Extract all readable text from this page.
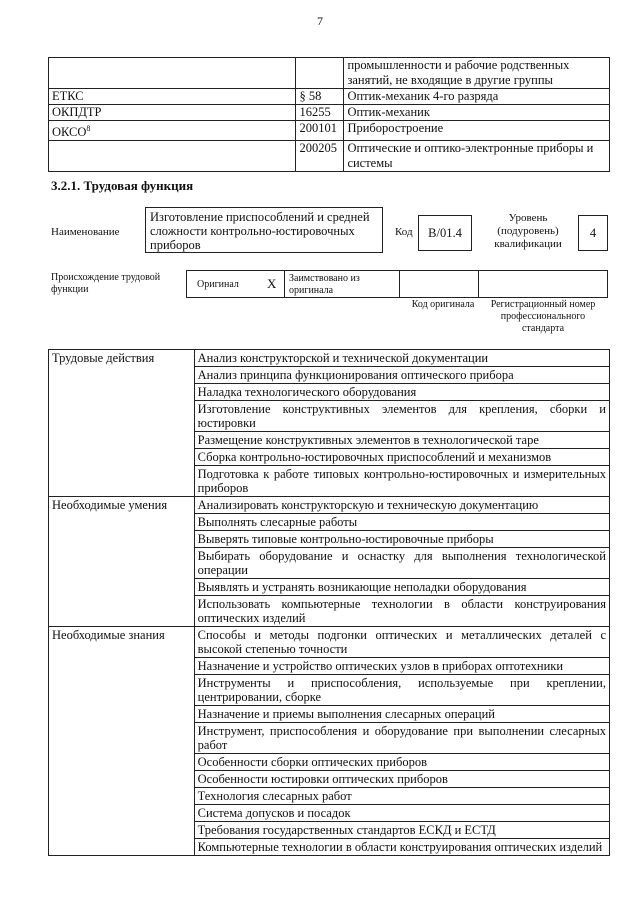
7
		промышленности и рабочие родственных занятий, не входящие в другие группы
ЕТКС	§ 58	Оптик-механик 4-го разряда
ОКПДТР	16255	Оптик-механик
ОКСО$^8$	200101	Приборостроение
	200205	Оптические и оптико-электронные приборы и системы
3.2.1. Трудовая функция
Наименование
Изготовление приспособлений и средней сложности контрольно-юстировочных приборов
Код	В/01.4
Уровень (подуровень) квалификации
4
Происхождение трудовой функции	Оригинал X Заимствовано из оригинала
Код оригинала	Регистрационный номер профессионального стандарта
Трудовые действия	Анализ конструкторской и технической документации
	Анализ принципа функционирования оптического прибора
	Наладка технологического оборудования
	Изготовление конструктивных элементов для крепления, сборки и юстировки
	Размещение конструктивных элементов в технологической таре
	Сборка контрольно-юстировочных приспособлений и механизмов
	Подготовка к работе типовых контрольно-юстировочных и измерительных приборов
Необходимые умения	Анализировать конструкторскую и техническую документацию
	Выполнять слесарные работы
	Выверять типовые контрольно-юстировочные приборы
	Выбирать оборудование и оснастку для выполнения технологической операции
	Выявлять и устранять возникающие неполадки оборудования
	Использовать компьютерные технологии в области конструирования оптических изделий
Необходимые знания	Способы и методы подгонки оптических и металлических деталей с высокой степенью точности
	Назначение и устройство оптических узлов в приборах оптотехники
	Инструменты и приспособления, используемые при креплении, центрировании, сборке
	Назначение и приемы выполнения слесарных операций
	Инструмент, приспособления и оборудование при выполнении слесарных работ
	Особенности сборки оптических приборов
	Особенности юстировки оптических приборов
	Технология слесарных работ
	Система допусков и посадок
	Требования государственных стандартов ЕСКД и ЕСТД
	Компьютерные технологии в области конструирования оптических изделий
